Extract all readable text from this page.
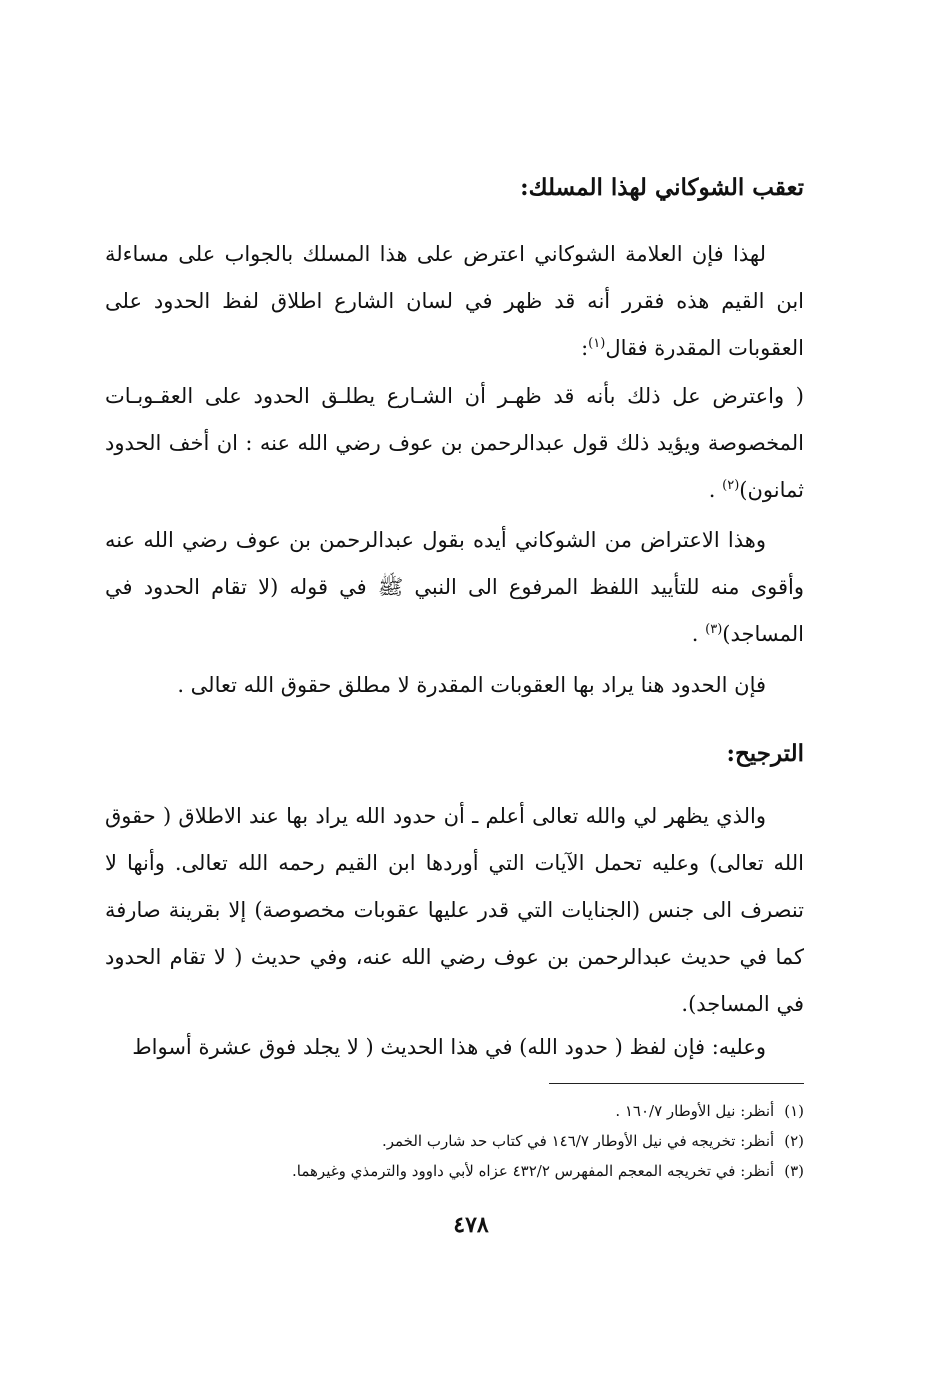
تعقب الشوكاني لهذا المسلك:
لهذا فإن العلامة الشوكاني اعترض على هذا المسلك بالجواب على مساءلة ابن القيم هذه فقرر أنه قد ظهر في لسان الشارع اطلاق لفظ الحدود على العقوبات المقدرة فقال$^{(١)}$:
( واعترض عل ذلك بأنه قد ظهـر أن الشـارع يطلـق الحدود على العقـوبـات المخصوصة ويؤيد ذلك قول عبدالرحمن بن عوف رضي الله عنه : ان أخف الحدود ثمانون)$^{(٢)}$ .
وهذا الاعتراض من الشوكاني أيده بقول عبدالرحمن بن عوف رضي الله عنه وأقوى منه للتأييد اللفظ المرفوع الى النبي ﷺ في قوله (لا تقام الحدود في المساجد)$^{(٣)}$ .
فإن الحدود هنا يراد بها العقوبات المقدرة لا مطلق حقوق الله تعالى .
الترجيح:
والذي يظهر لي والله تعالى أعلم ـ أن حدود الله يراد بها عند الاطلاق ( حقوق الله تعالى) وعليه تحمل الآيات التي أوردها ابن القيم رحمه الله تعالى. وأنها لا تنصرف الى جنس (الجنايات التي قدر عليها عقوبات مخصوصة) إلا بقرينة صارفة كما في حديث عبدالرحمن بن عوف رضي الله عنه، وفي حديث ( لا تقام الحدود في المساجد).
وعليه: فإن لفظ ( حدود الله) في هذا الحديث ( لا يجلد فوق عشرة أسواط
(١)أنظر: نيل الأوطار ١٦٠/٧ .
(٢)أنظر: تخريجه في نيل الأوطار ١٤٦/٧ في كتاب حد شارب الخمر.
(٣)أنظر: في تخريجه المعجم المفهرس ٤٣٢/٢ عزاه لأبي داوود والترمذي وغيرهما.
٤٧٨
